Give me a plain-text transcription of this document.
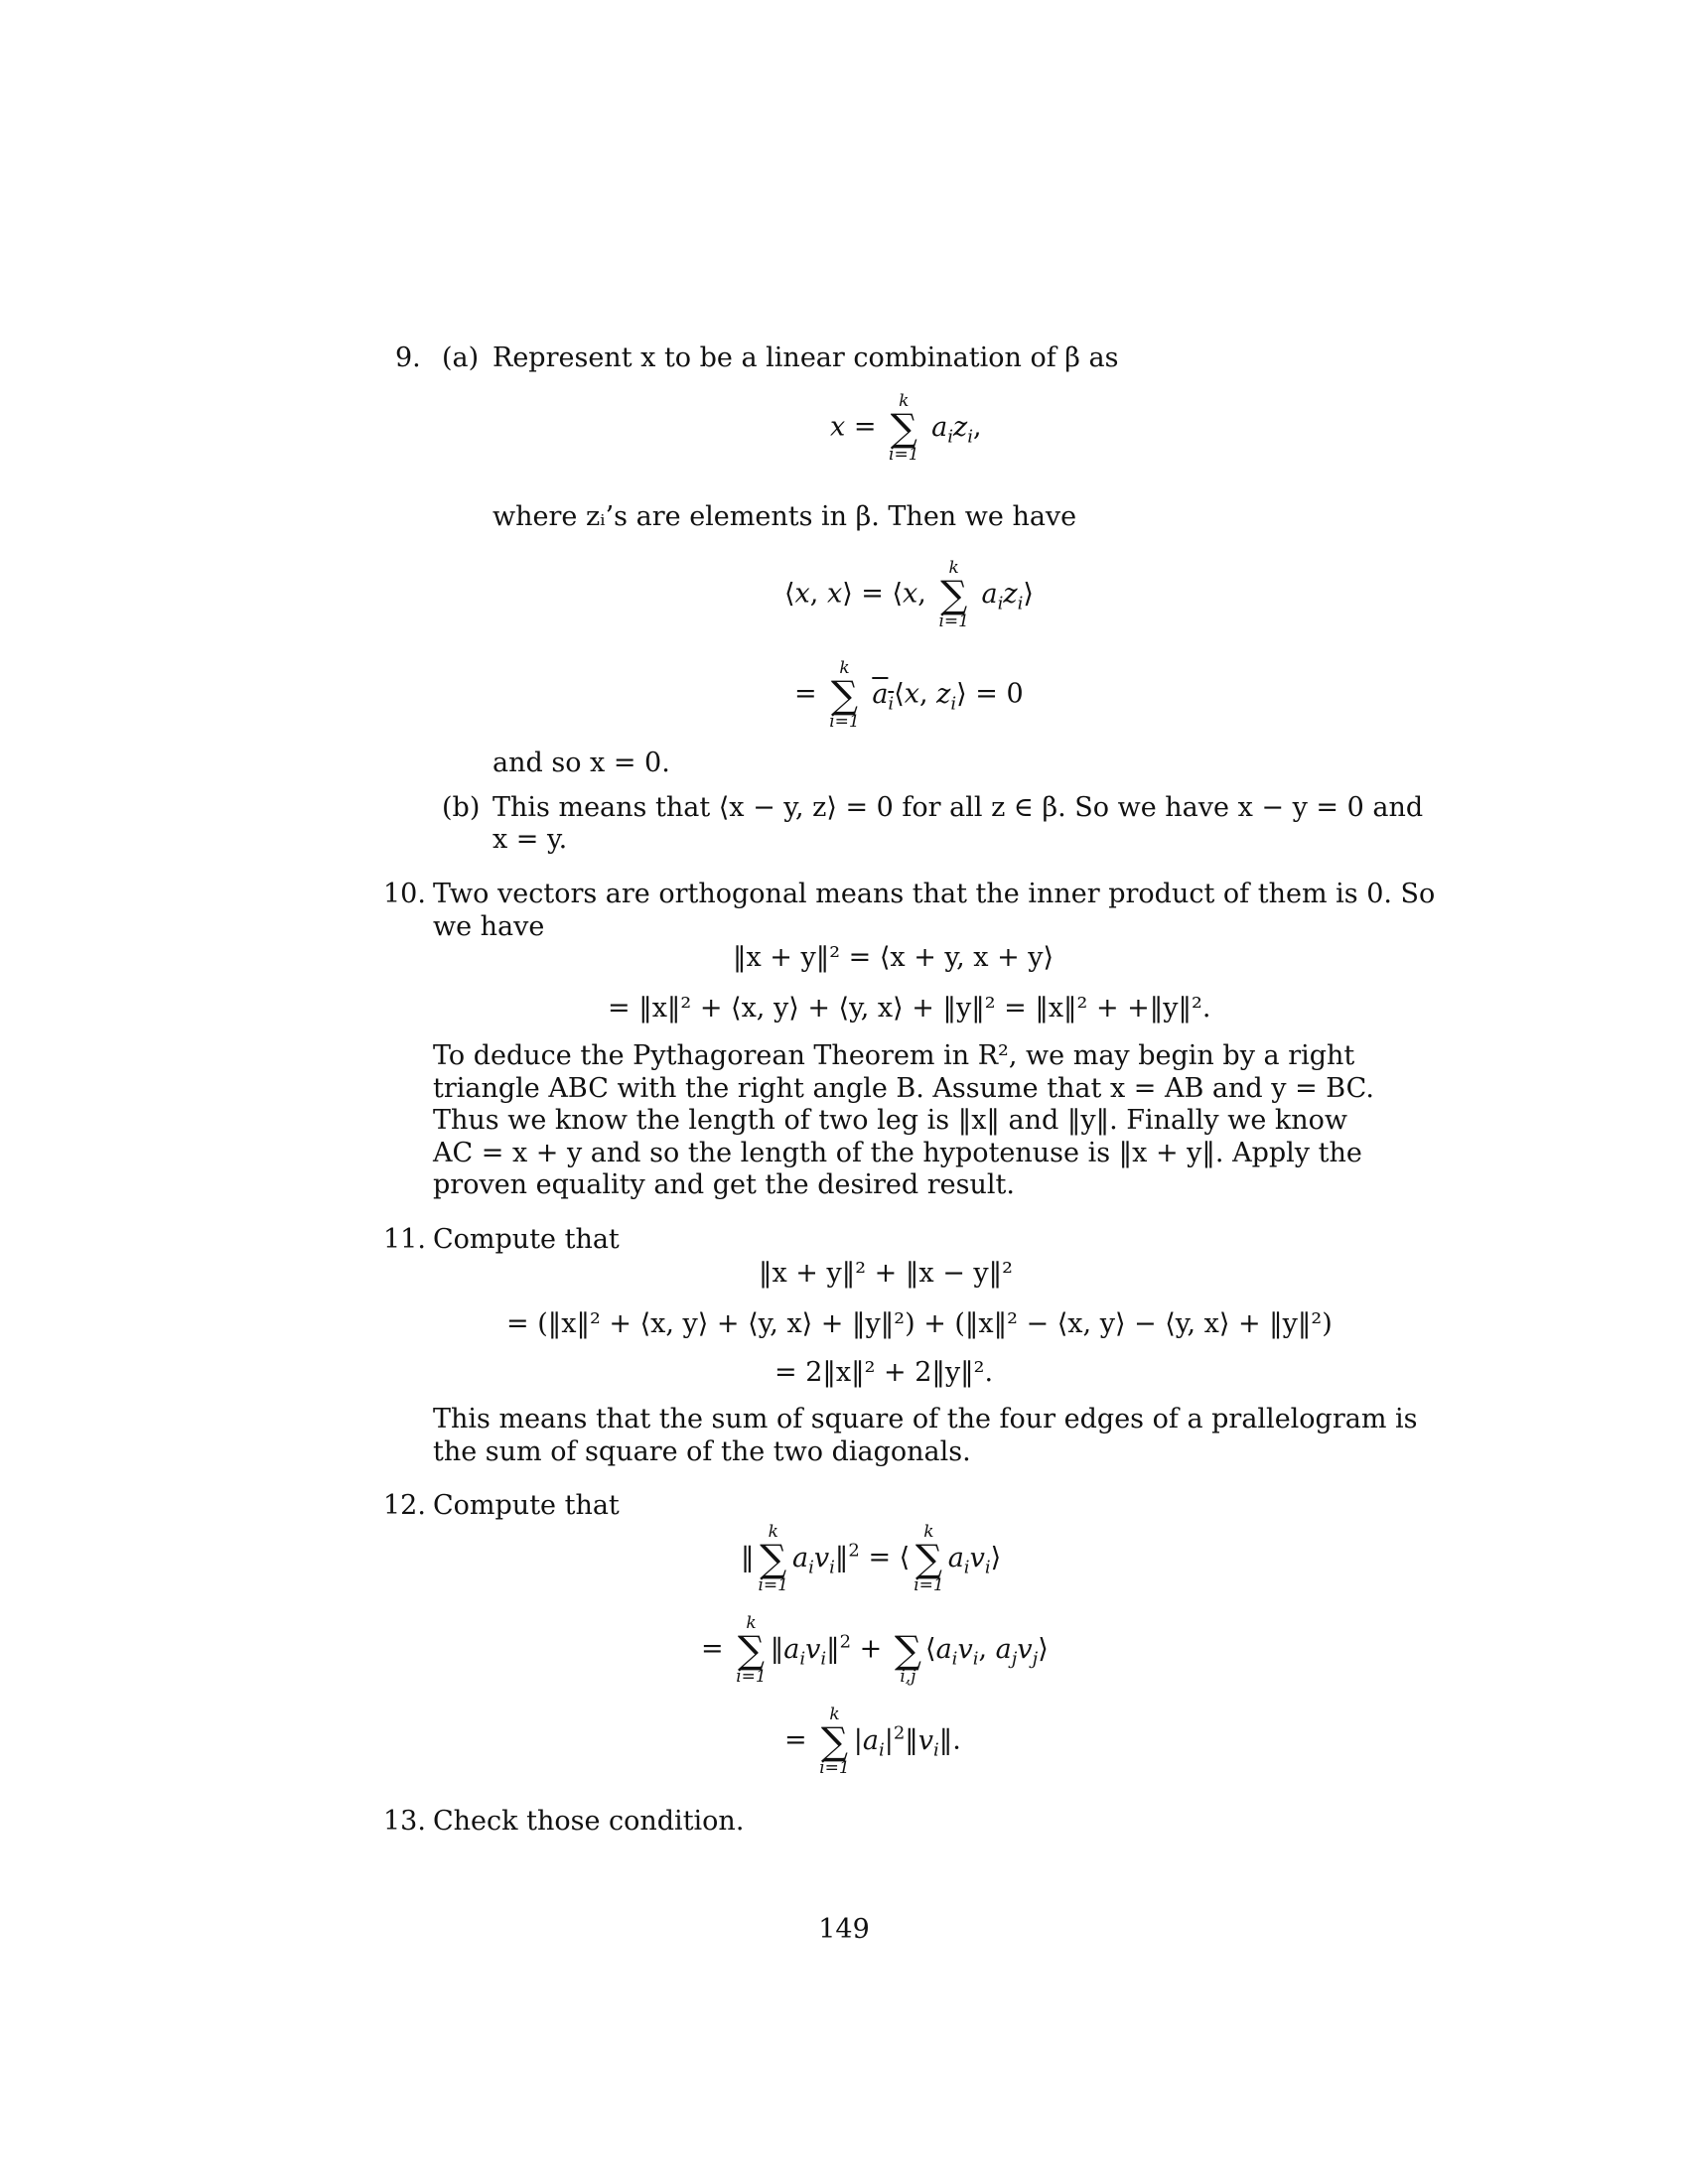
9. (a) Represent x to be a linear combination of β as
x =
k
∑
i=1
$a_iz_i$,
where zᵢ’s are elements in β. Then we have
⟨x, x⟩ = ⟨x,
k
∑
i=1
$a_iz_i⟩$
=
k
∑
i=1
$a_i⟨x$, $z_i⟩ = 0$
and so x = 0.
(b) This means that ⟨x − y, z⟩ = 0 for all z ∈ β. So we have x − y = 0 and
x = y.
10. Two vectors are orthogonal means that the inner product of them is 0. So
we have
‖x + y‖² = ⟨x + y, x + y⟩
= ‖x‖² + ⟨x, y⟩ + ⟨y, x⟩ + ‖y‖² = ‖x‖² + +‖y‖².
To deduce the Pythagorean Theorem in R², we may begin by a right
triangle ABC with the right angle B. Assume that x = AB and y = BC.
Thus we know the length of two leg is ‖x‖ and ‖y‖. Finally we know
AC = x + y and so the length of the hypotenuse is ‖x + y‖. Apply the
proven equality and get the desired result.
11. Compute that
‖x + y‖² + ‖x − y‖²
= (‖x‖² + ⟨x, y⟩ + ⟨y, x⟩ + ‖y‖²) + (‖x‖² − ⟨x, y⟩ − ⟨y, x⟩ + ‖y‖²)
= 2‖x‖² + 2‖y‖².
This means that the sum of square of the four edges of a prallelogram is
the sum of square of the two diagonals.
12. Compute that
‖
k
∑
i=1
$a_iv_i‖^2$ = ⟨
k
∑
i=1
$a_iv_i⟩$
=
k
∑
i=1
$‖a_iv_i‖^2$ +
∑
i,j
$⟨a_iv_i$, $a_jv_j⟩$
=
k
∑
i=1
$|a_i|^2‖v_i‖$.
13. Check those condition.
149
